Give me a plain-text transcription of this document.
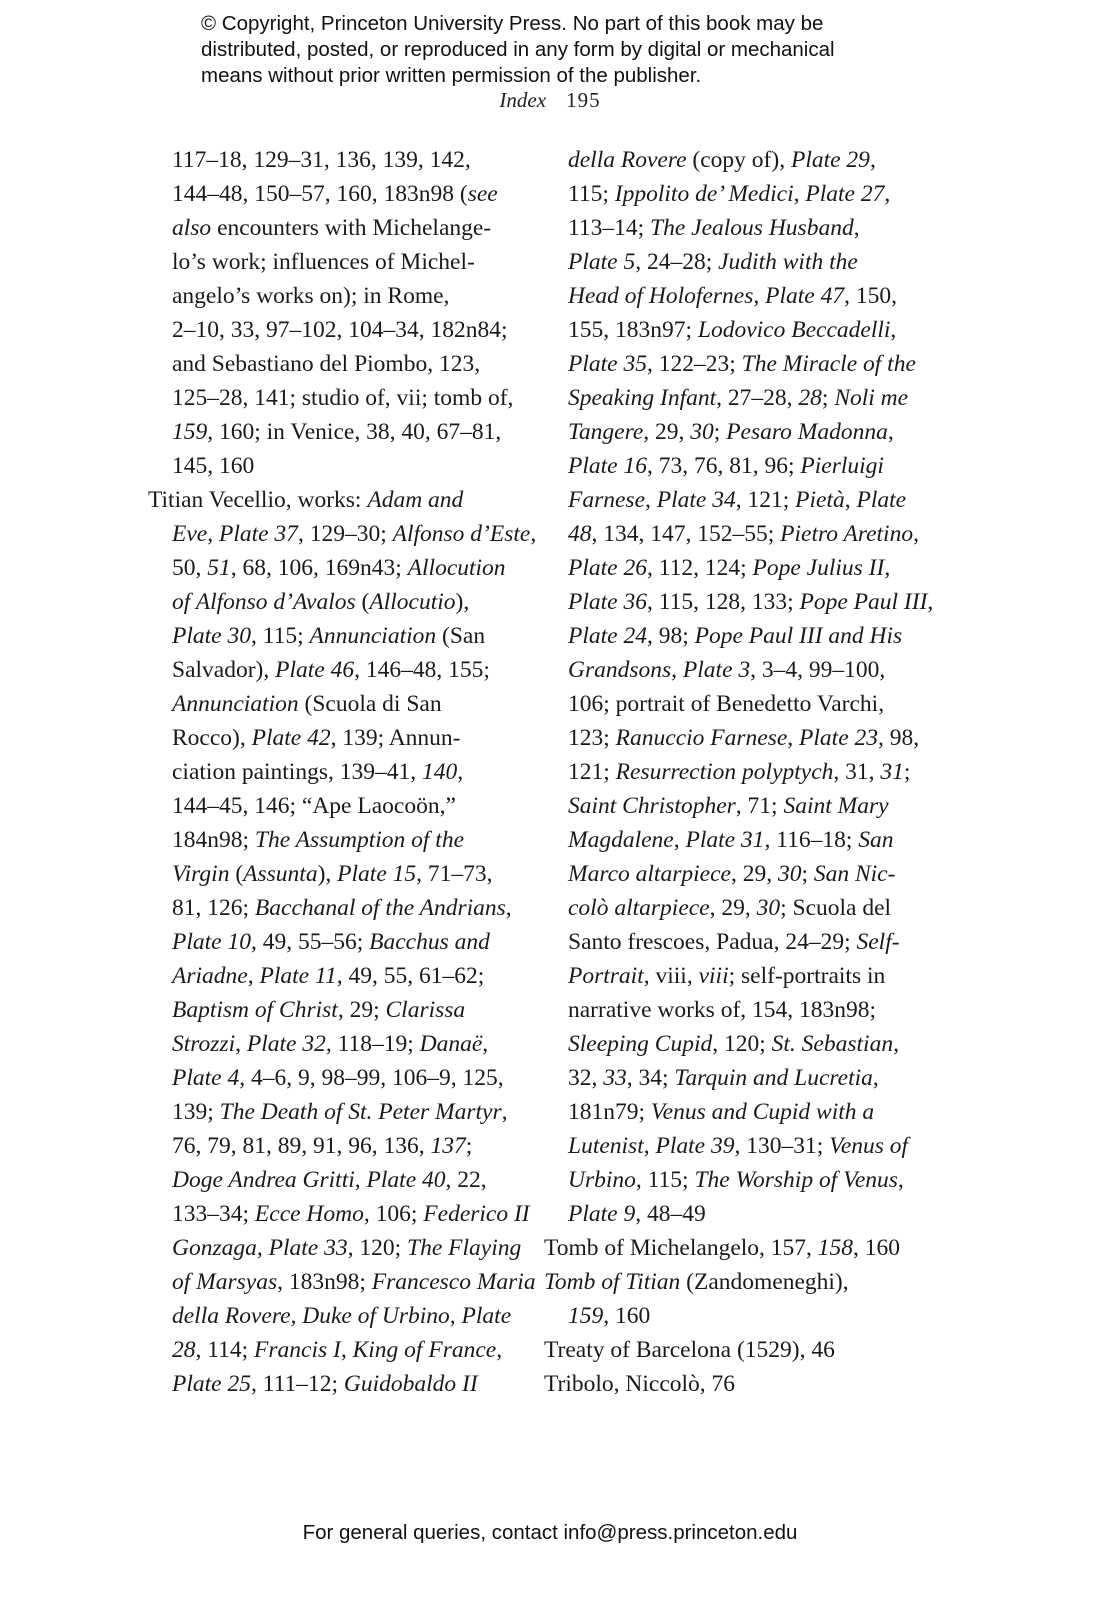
© Copyright, Princeton University Press. No part of this book may be
distributed, posted, or reproduced in any form by digital or mechanical
means without prior written permission of the publisher.
Index 195
117–18, 129–31, 136, 139, 142,
144–48, 150–57, 160, 183n98 (see
also encounters with Michelange-
lo’s work; influences of Michel-
angelo’s works on); in Rome,
2–10, 33, 97–102, 104–34, 182n84;
and Sebastiano del Piombo, 123,
125–28, 141; studio of, vii; tomb of,
159, 160; in Venice, 38, 40, 67–81,
145, 160
Titian Vecellio, works: Adam and
Eve, Plate 37, 129–30; Alfonso d’Este,
50, 51, 68, 106, 169n43; Allocution
of Alfonso d’Avalos (Allocutio),
Plate 30, 115; Annunciation (San
Salvador), Plate 46, 146–48, 155;
Annunciation (Scuola di San
Rocco), Plate 42, 139; Annun-
ciation paintings, 139–41, 140,
144–45, 146; “Ape Laocoön,”
184n98; The Assumption of the
Virgin (Assunta), Plate 15, 71–73,
81, 126; Bacchanal of the Andrians,
Plate 10, 49, 55–56; Bacchus and
Ariadne, Plate 11, 49, 55, 61–62;
Baptism of Christ, 29; Clarissa
Strozzi, Plate 32, 118–19; Danaë,
Plate 4, 4–6, 9, 98–99, 106–9, 125,
139; The Death of St. Peter Martyr,
76, 79, 81, 89, 91, 96, 136, 137;
Doge Andrea Gritti, Plate 40, 22,
133–34; Ecce Homo, 106; Federico II
Gonzaga, Plate 33, 120; The Flaying
of Marsyas, 183n98; Francesco Maria
della Rovere, Duke of Urbino, Plate
28, 114; Francis I, King of France,
Plate 25, 111–12; Guidobaldo II
della Rovere (copy of), Plate 29,
115; Ippolito de’ Medici, Plate 27,
113–14; The Jealous Husband,
Plate 5, 24–28; Judith with the
Head of Holofernes, Plate 47, 150,
155, 183n97; Lodovico Beccadelli,
Plate 35, 122–23; The Miracle of the
Speaking Infant, 27–28, 28; Noli me
Tangere, 29, 30; Pesaro Madonna,
Plate 16, 73, 76, 81, 96; Pierluigi
Farnese, Plate 34, 121; Pietà, Plate
48, 134, 147, 152–55; Pietro Aretino,
Plate 26, 112, 124; Pope Julius II,
Plate 36, 115, 128, 133; Pope Paul III,
Plate 24, 98; Pope Paul III and His
Grandsons, Plate 3, 3–4, 99–100,
106; portrait of Benedetto Varchi,
123; Ranuccio Farnese, Plate 23, 98,
121; Resurrection polyptych, 31, 31;
Saint Christopher, 71; Saint Mary
Magdalene, Plate 31, 116–18; San
Marco altarpiece, 29, 30; San Nic-
colò altarpiece, 29, 30; Scuola del
Santo frescoes, Padua, 24–29; Self-
Portrait, viii, viii; self-portraits in
narrative works of, 154, 183n98;
Sleeping Cupid, 120; St. Sebastian,
32, 33, 34; Tarquin and Lucretia,
181n79; Venus and Cupid with a
Lutenist, Plate 39, 130–31; Venus of
Urbino, 115; The Worship of Venus,
Plate 9, 48–49
Tomb of Michelangelo, 157, 158, 160
Tomb of Titian (Zandomeneghi),
159, 160
Treaty of Barcelona (1529), 46
Tribolo, Niccolò, 76
For general queries, contact info@press.princeton.edu
